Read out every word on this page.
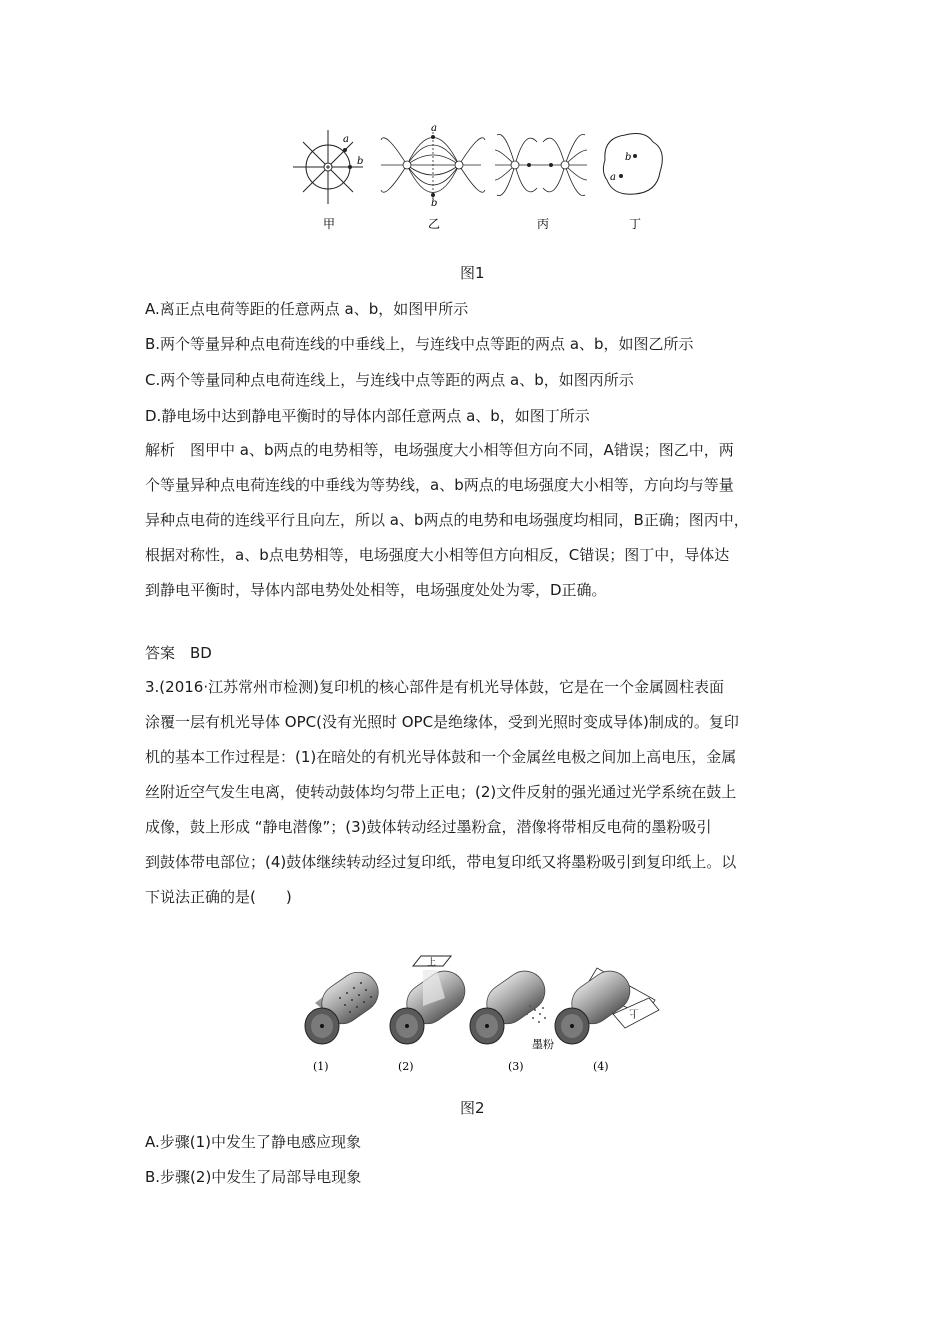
a
b
a
b
b
a
甲	乙	丙	丁
图1
A.离正点电荷等距的任意两点 a、b，如图甲所示
B.两个等量异种点电荷连线的中垂线上，与连线中点等距的两点 a、b，如图乙所示
C.两个等量同种点电荷连线上，与连线中点等距的两点 a、b，如图丙所示
D.静电场中达到静电平衡时的导体内部任意两点 a、b，如图丁所示
解析　图甲中 a、b两点的电势相等，电场强度大小相等但方向不同，A错误；图乙中，两
个等量异种点电荷连线的中垂线为等势线，a、b两点的电场强度大小相等，方向均与等量
异种点电荷的连线平行且向左，所以 a、b两点的电势和电场强度均相同，B正确；图丙中，
根据对称性，a、b点电势相等，电场强度大小相等但方向相反，C错误；图丁中，导体达
到静电平衡时，导体内部电势处处相等，电场强度处处为零，D正确。
答案　BD
3.(2016·江苏常州市检测)复印机的核心部件是有机光导体鼓，它是在一个金属圆柱表面
涂覆一层有机光导体 OPC(没有光照时 OPC是绝缘体，受到光照时变成导体)制成的。复印
机的基本工作过程是：(1)在暗处的有机光导体鼓和一个金属丝电极之间加上高电压，金属
丝附近空气发生电离，使转动鼓体均匀带上正电；(2)文件反射的强光通过光学系统在鼓上
成像，鼓上形成 “静电潜像”；(3)鼓体转动经过墨粉盒，潜像将带相反电荷的墨粉吸引
到鼓体带电部位；(4)鼓体继续转动经过复印纸，带电复印纸又将墨粉吸引到复印纸上。以
下说法正确的是(　　)
上
墨粉
上
(1)	(2)	(3)	(4)
图2
A.步骤(1)中发生了静电感应现象
B.步骤(2)中发生了局部导电现象
